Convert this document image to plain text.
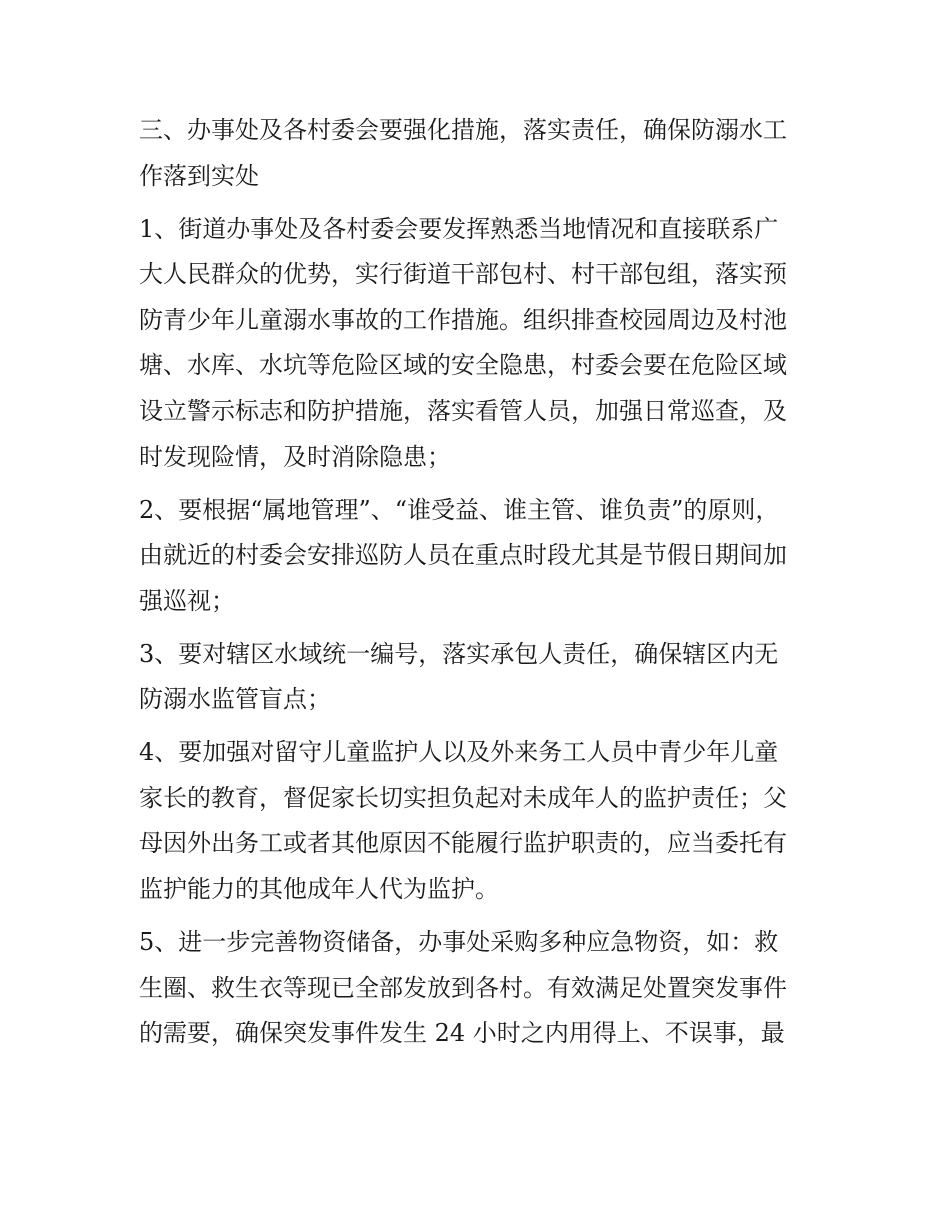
三、办事处及各村委会要强化措施，落实责任，确保防溺水工
作落到实处
1、街道办事处及各村委会要发挥熟悉当地情况和直接联系广
大人民群众的优势，实行街道干部包村、村干部包组，落实预
防青少年儿童溺水事故的工作措施。组织排查校园周边及村池
塘、水库、水坑等危险区域的安全隐患，村委会要在危险区域
设立警示标志和防护措施，落实看管人员，加强日常巡查，及
时发现险情，及时消除隐患；
2、要根据“属地管理”、“谁受益、谁主管、谁负责”的原则，
由就近的村委会安排巡防人员在重点时段尤其是节假日期间加
强巡视；
3、要对辖区水域统一编号，落实承包人责任，确保辖区内无
防溺水监管盲点；
4、要加强对留守儿童监护人以及外来务工人员中青少年儿童
家长的教育，督促家长切实担负起对未成年人的监护责任；父
母因外出务工或者其他原因不能履行监护职责的，应当委托有
监护能力的其他成年人代为监护。
5、进一步完善物资储备，办事处采购多种应急物资，如：救
生圈、救生衣等现已全部发放到各村。有效满足处置突发事件
的需要，确保突发事件发生 24 小时之内用得上、不误事，最
